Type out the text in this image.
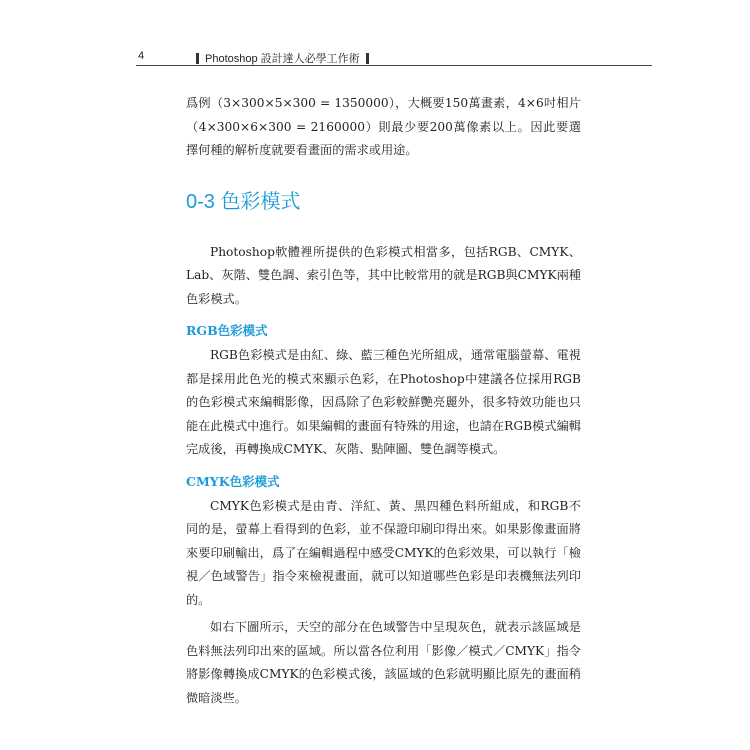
4	Photoshop 設計達人必學工作術

爲例（3×300×5×300 = 1350000），大概要150萬畫素，4×6吋相片（4×300×6×300 = 2160000）則最少要200萬像素以上。因此要選擇何種的解析度就要看畫面的需求或用途。

0-3 色彩模式

Photoshop軟體裡所提供的色彩模式相當多，包括RGB、CMYK、Lab、灰階、雙色調、索引色等，其中比較常用的就是RGB與CMYK兩種色彩模式。

RGB色彩模式

RGB色彩模式是由紅、綠、藍三種色光所組成，通常電腦螢幕、電視都是採用此色光的模式來顯示色彩，在Photoshop中建議各位採用RGB的色彩模式來編輯影像，因爲除了色彩較鮮艷亮麗外，很多特效功能也只能在此模式中進行。如果編輯的畫面有特殊的用途，也請在RGB模式編輯完成後，再轉換成CMYK、灰階、點陣圖、雙色調等模式。

CMYK色彩模式

CMYK色彩模式是由青、洋紅、黃、黑四種色料所組成，和RGB不同的是，螢幕上看得到的色彩，並不保證印刷印得出來。如果影像畫面將來要印刷輸出，爲了在編輯過程中感受CMYK的色彩效果，可以執行「檢視／色域警告」指令來檢視畫面，就可以知道哪些色彩是印表機無法列印的。

如右下圖所示，天空的部分在色域警告中呈現灰色，就表示該區域是色料無法列印出來的區域。所以當各位利用「影像／模式／CMYK」指令將影像轉換成CMYK的色彩模式後，該區域的色彩就明顯比原先的畫面稍微暗淡些。
